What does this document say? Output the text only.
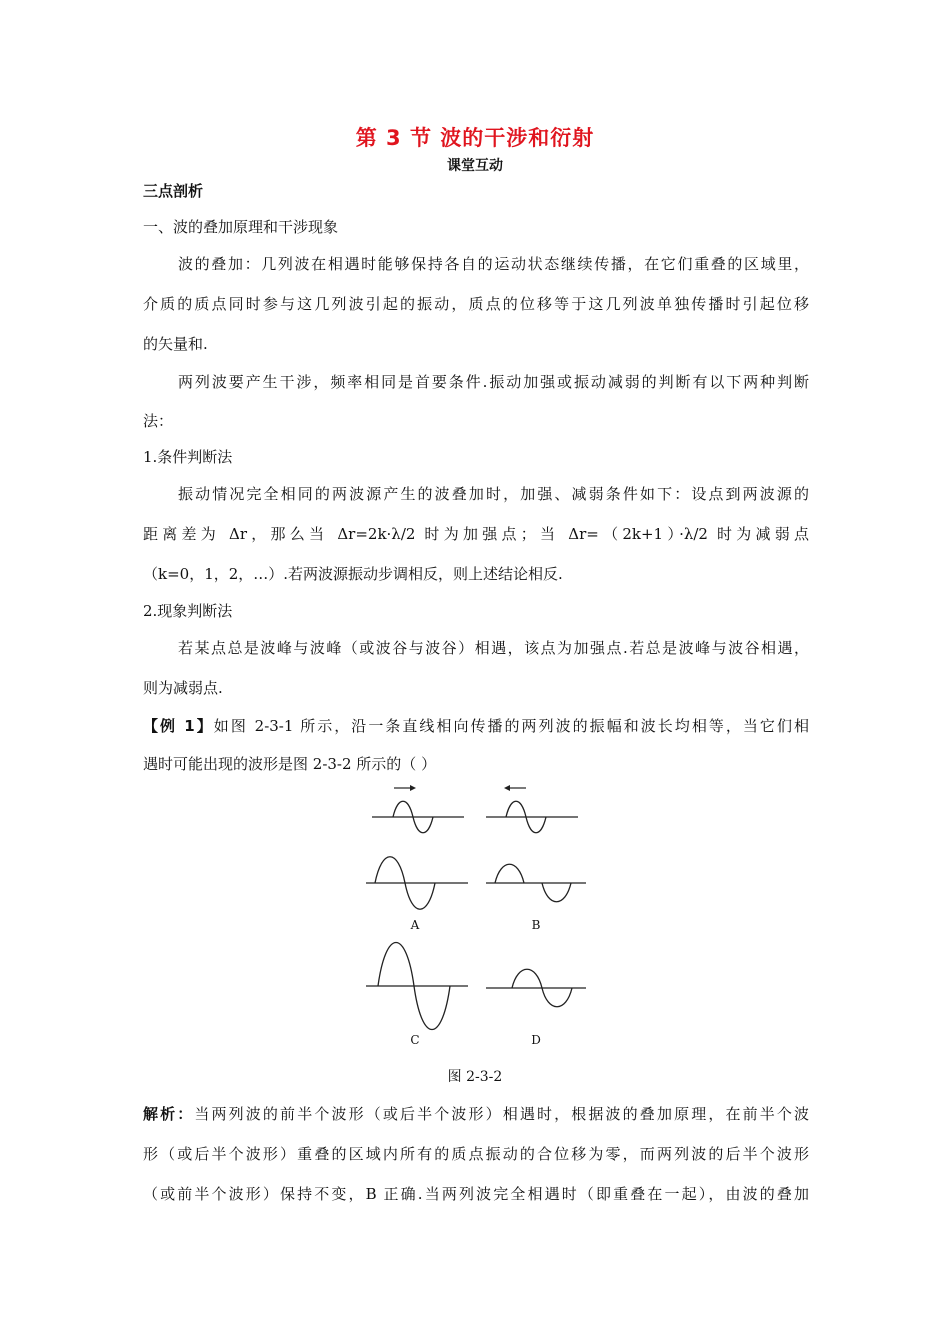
第 3 节 波的干涉和衍射
课堂互动
三点剖析
一、波的叠加原理和干涉现象
波的叠加：几列波在相遇时能够保持各自的运动状态继续传播，在它们重叠的区域里，
介质的质点同时参与这几列波引起的振动，质点的位移等于这几列波单独传播时引起位移
的矢量和.
两列波要产生干涉，频率相同是首要条件.振动加强或振动减弱的判断有以下两种判断
法：
1.条件判断法
振动情况完全相同的两波源产生的波叠加时，加强、减弱条件如下：设点到两波源的
距离差为 Δr，那么当 Δr=2k·λ/2 时为加强点；当 Δr=（2k+1）·λ/2 时为减弱点
（k=0，1，2，…）.若两波源振动步调相反，则上述结论相反.
2.现象判断法
若某点总是波峰与波峰（或波谷与波谷）相遇，该点为加强点.若总是波峰与波谷相遇，
则为减弱点.
【例 1】如图 2-3-1 所示，沿一条直线相向传播的两列波的振幅和波长均相等，当它们相
遇时可能出现的波形是图 2-3-2 所示的（ ）
A	B
C	D
图 2-3-2
解析：当两列波的前半个波形（或后半个波形）相遇时，根据波的叠加原理，在前半个波
形（或后半个波形）重叠的区域内所有的质点振动的合位移为零，而两列波的后半个波形
（或前半个波形）保持不变，B 正确.当两列波完全相遇时（即重叠在一起），由波的叠加
